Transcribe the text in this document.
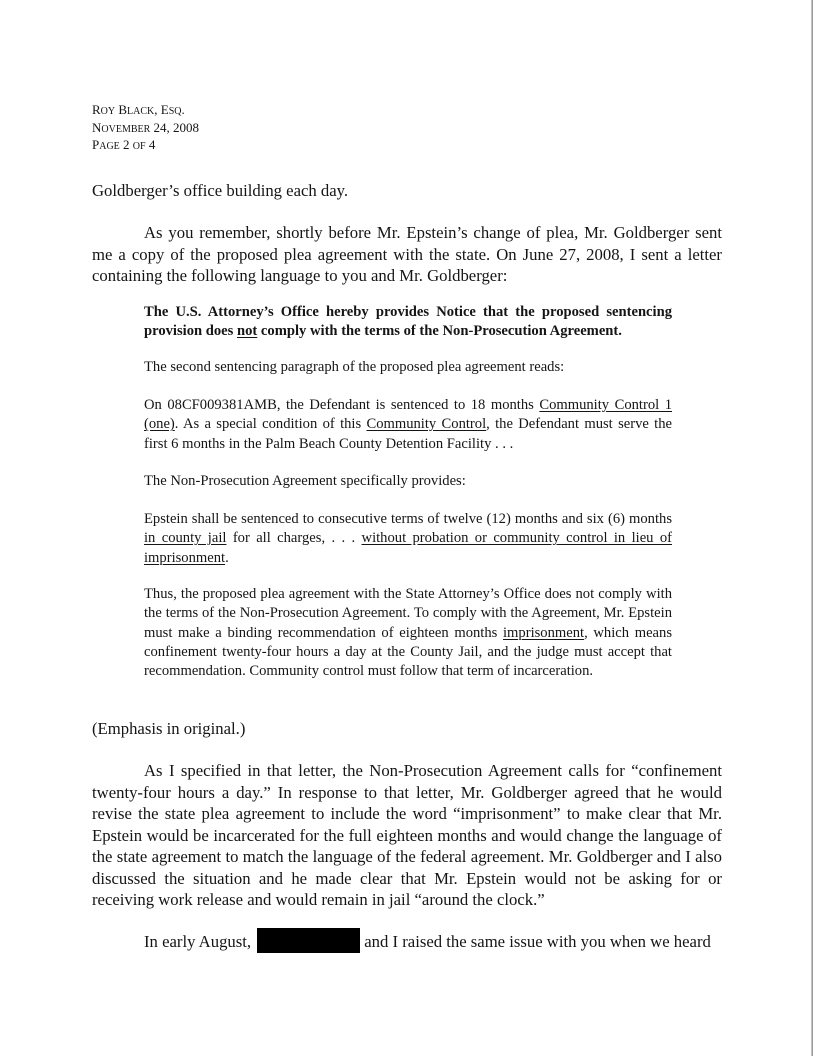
ROY BLACK, ESQ.
NOVEMBER 24, 2008
PAGE 2 OF 4
Goldberger’s office building each day.
As you remember, shortly before Mr. Epstein’s change of plea, Mr. Goldberger sent me a copy of the proposed plea agreement with the state. On June 27, 2008, I sent a letter containing the following language to you and Mr. Goldberger:
The U.S. Attorney’s Office hereby provides Notice that the proposed sentencing provision does not comply with the terms of the Non-Prosecution Agreement.
The second sentencing paragraph of the proposed plea agreement reads:
On 08CF009381AMB, the Defendant is sentenced to 18 months Community Control 1 (one). As a special condition of this Community Control, the Defendant must serve the first 6 months in the Palm Beach County Detention Facility . . .
The Non-Prosecution Agreement specifically provides:
Epstein shall be sentenced to consecutive terms of twelve (12) months and six (6) months in county jail for all charges, . . . without probation or community control in lieu of imprisonment.
Thus, the proposed plea agreement with the State Attorney’s Office does not comply with the terms of the Non-Prosecution Agreement. To comply with the Agreement, Mr. Epstein must make a binding recommendation of eighteen months imprisonment, which means confinement twenty-four hours a day at the County Jail, and the judge must accept that recommendation. Community control must follow that term of incarceration.
(Emphasis in original.)
As I specified in that letter, the Non-Prosecution Agreement calls for “confinement twenty-four hours a day.” In response to that letter, Mr. Goldberger agreed that he would revise the state plea agreement to include the word “imprisonment” to make clear that Mr. Epstein would be incarcerated for the full eighteen months and would change the language of the state agreement to match the language of the federal agreement. Mr. Goldberger and I also discussed the situation and he made clear that Mr. Epstein would not be asking for or receiving work release and would remain in jail “around the clock.”
In early August,	and I raised the same issue with you when we heard
